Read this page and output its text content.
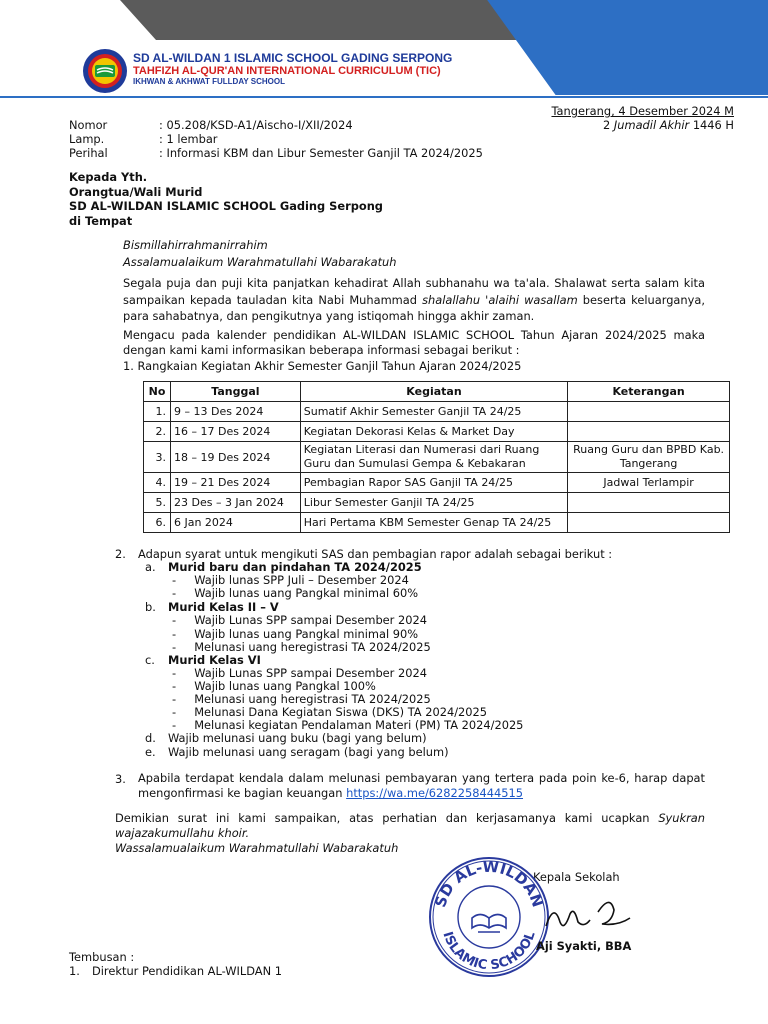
SD AL-WILDAN 1 ISLAMIC SCHOOL GADING SERPONG
TAHFIZH AL-QUR'AN INTERNATIONAL CURRICULUM (TIC)
IKHWAN & AKHWAT FULLDAY SCHOOL
Tangerang, 4 Desember 2024 M
2 Jumadil Akhir 1446 H
Nomor	: 05.208/KSD-A1/Aischo-I/XII/2024
Lamp.	: 1 lembar
Perihal	: Informasi KBM dan Libur Semester Ganjil TA 2024/2025
Kepada Yth.
Orangtua/Wali Murid
SD AL-WILDAN ISLAMIC SCHOOL Gading Serpong
di Tempat
Bismillahirrahmanirrahim
Assalamualaikum Warahmatullahi Wabarakatuh
Segala puja dan puji kita panjatkan kehadirat Allah subhanahu wa ta'ala. Shalawat serta salam kita sampaikan kepada tauladan kita Nabi Muhammad shalallahu 'alaihi wasallam beserta keluarganya, para sahabatnya, dan pengikutnya yang istiqomah hingga akhir zaman.
Mengacu pada kalender pendidikan AL-WILDAN ISLAMIC SCHOOL Tahun Ajaran 2024/2025 maka dengan kami kami informasikan beberapa informasi sebagai berikut :
1. Rangkaian Kegiatan Akhir Semester Ganjil Tahun Ajaran 2024/2025
No	Tanggal	Kegiatan	Keterangan
1.	9 – 13 Des 2024	Sumatif Akhir Semester Ganjil TA 24/25	
2.	16 – 17 Des 2024	Kegiatan Dekorasi Kelas & Market Day	
3.	18 – 19 Des 2024	Kegiatan Literasi dan Numerasi dari Ruang Guru dan Sumulasi Gempa & Kebakaran	Ruang Guru dan BPBD Kab. Tangerang
4.	19 – 21 Des 2024	Pembagian Rapor SAS Ganjil TA 24/25	Jadwal Terlampir
5.	23 Des – 3 Jan 2024	Libur Semester Ganjil TA 24/25	
6.	6 Jan 2024	Hari Pertama KBM Semester Genap TA 24/25	
2. Adapun syarat untuk mengikuti SAS dan pembagian rapor adalah sebagai berikut :
a. Murid baru dan pindahan TA 2024/2025
-     Wajib lunas SPP Juli – Desember 2024
-     Wajib lunas uang Pangkal minimal 60%
b. Murid Kelas II – V
-     Wajib Lunas SPP sampai Desember 2024
-     Wajib lunas uang Pangkal minimal 90%
-     Melunasi uang heregistrasi TA 2024/2025
c. Murid Kelas VI
-     Wajib Lunas SPP sampai Desember 2024
-     Wajib lunas uang Pangkal 100%
-     Melunasi uang heregistrasi TA 2024/2025
-     Melunasi Dana Kegiatan Siswa (DKS) TA 2024/2025
-     Melunasi kegiatan Pendalaman Materi (PM) TA 2024/2025
d. Wajib melunasi uang buku (bagi yang belum)
e. Wajib melunasi uang seragam (bagi yang belum)
3. Apabila terdapat kendala dalam melunasi pembayaran yang tertera pada poin ke-6, harap dapat mengonfirmasi ke bagian keuangan https://wa.me/6282258444515
Demikian surat ini kami sampaikan, atas perhatian dan kerjasamanya kami ucapkan Syukran wajazakumullahu khoir.
Wassalamualaikum Warahmatullahi Wabarakatuh
Kepala Sekolah
SD AL-WILDAN
ISLAMIC SCHOOL
Aji Syakti, BBA
Tembusan :
1. Direktur Pendidikan AL-WILDAN 1
